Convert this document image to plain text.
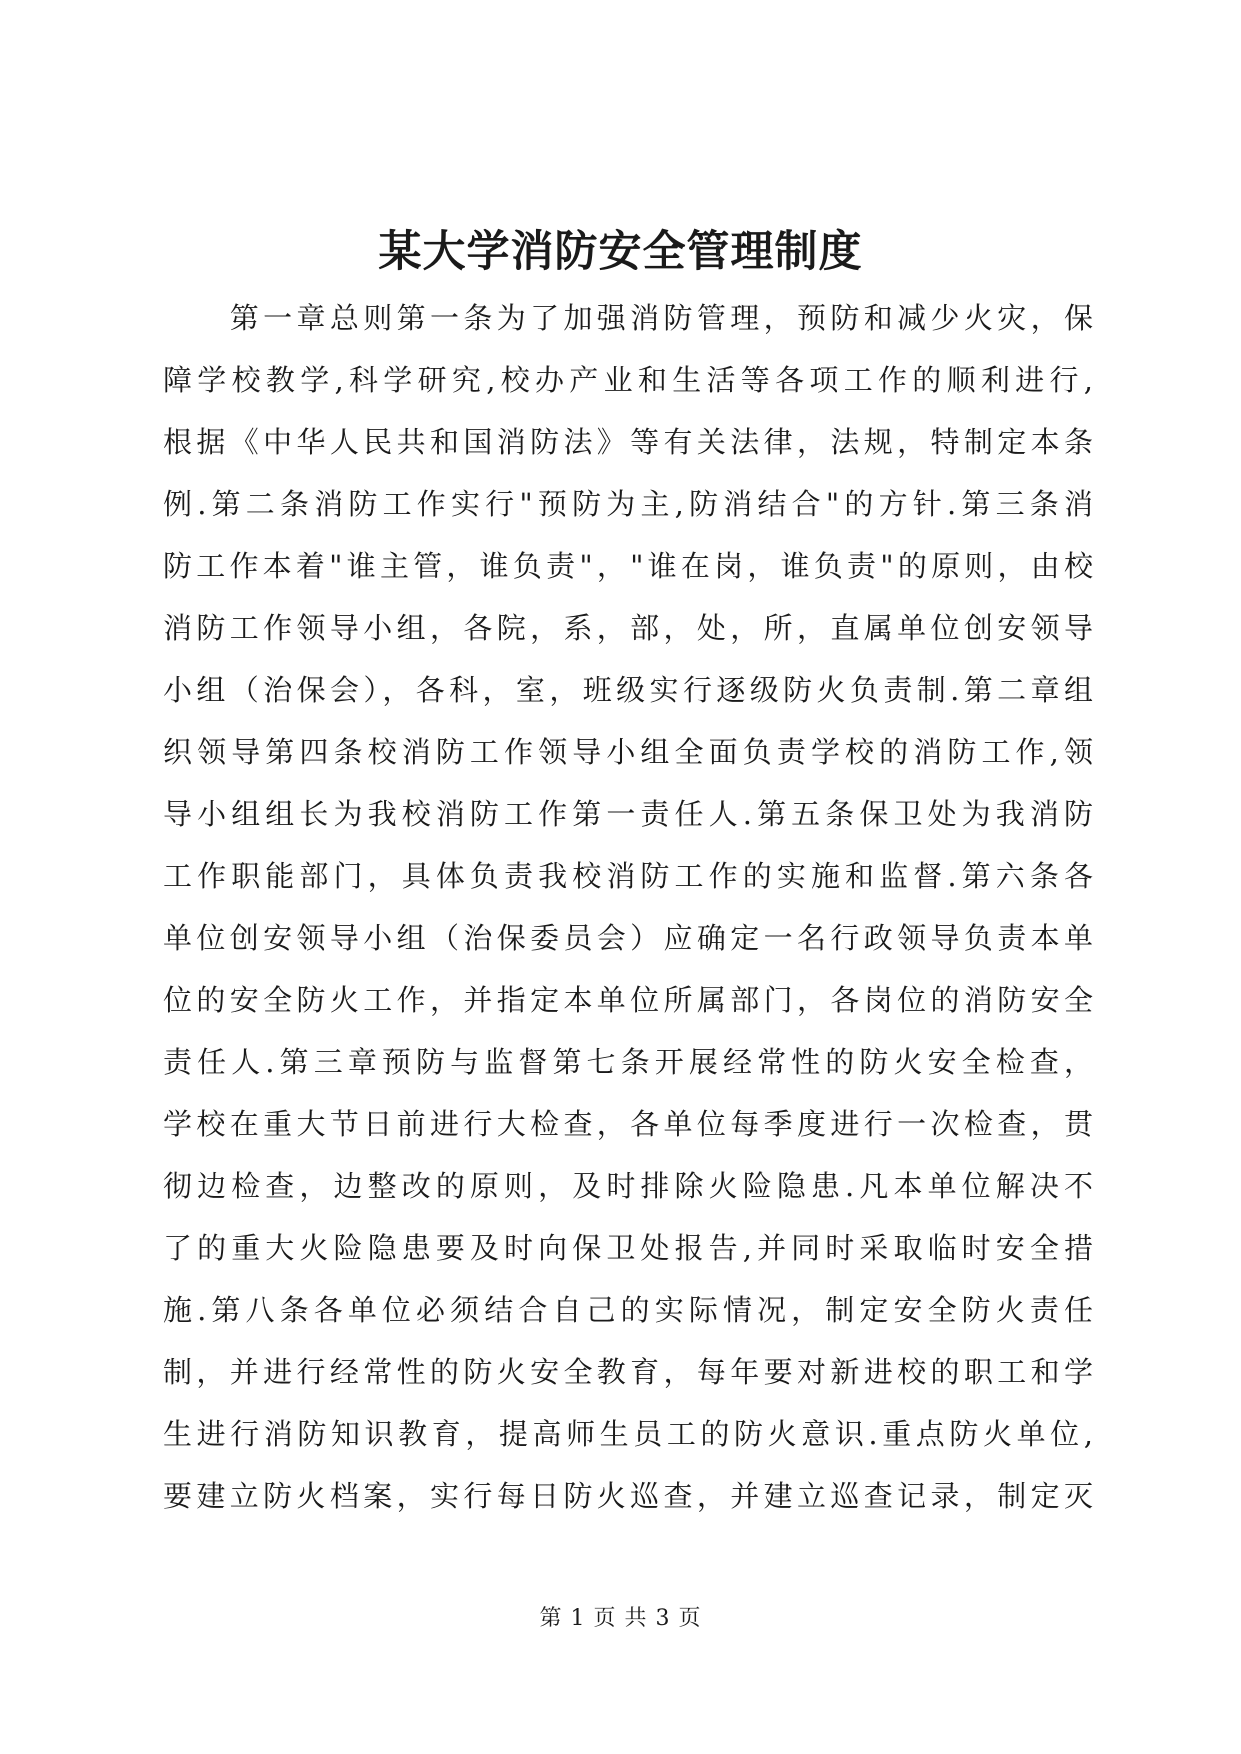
某大学消防安全管理制度
　　第一章总则第一条为了加强消防管理，预防和减少火灾，保
障学校教学,科学研究,校办产业和生活等各项工作的顺利进行,
根据《中华人民共和国消防法》等有关法律，法规，特制定本条
例.第二条消防工作实行"预防为主,防消结合"的方针.第三条消
防工作本着"谁主管，谁负责"，"谁在岗，谁负责"的原则，由校
消防工作领导小组，各院，系，部，处，所，直属单位创安领导
小组（治保会），各科，室，班级实行逐级防火负责制.第二章组
织领导第四条校消防工作领导小组全面负责学校的消防工作,领
导小组组长为我校消防工作第一责任人.第五条保卫处为我消防
工作职能部门，具体负责我校消防工作的实施和监督.第六条各
单位创安领导小组（治保委员会）应确定一名行政领导负责本单
位的安全防火工作，并指定本单位所属部门，各岗位的消防安全
责任人.第三章预防与监督第七条开展经常性的防火安全检查，
学校在重大节日前进行大检查，各单位每季度进行一次检查，贯
彻边检查，边整改的原则，及时排除火险隐患.凡本单位解决不
了的重大火险隐患要及时向保卫处报告,并同时采取临时安全措
施.第八条各单位必须结合自己的实际情况，制定安全防火责任
制，并进行经常性的防火安全教育，每年要对新进校的职工和学
生进行消防知识教育，提高师生员工的防火意识.重点防火单位,
要建立防火档案，实行每日防火巡查，并建立巡查记录，制定灭
第 1 页 共 3 页
